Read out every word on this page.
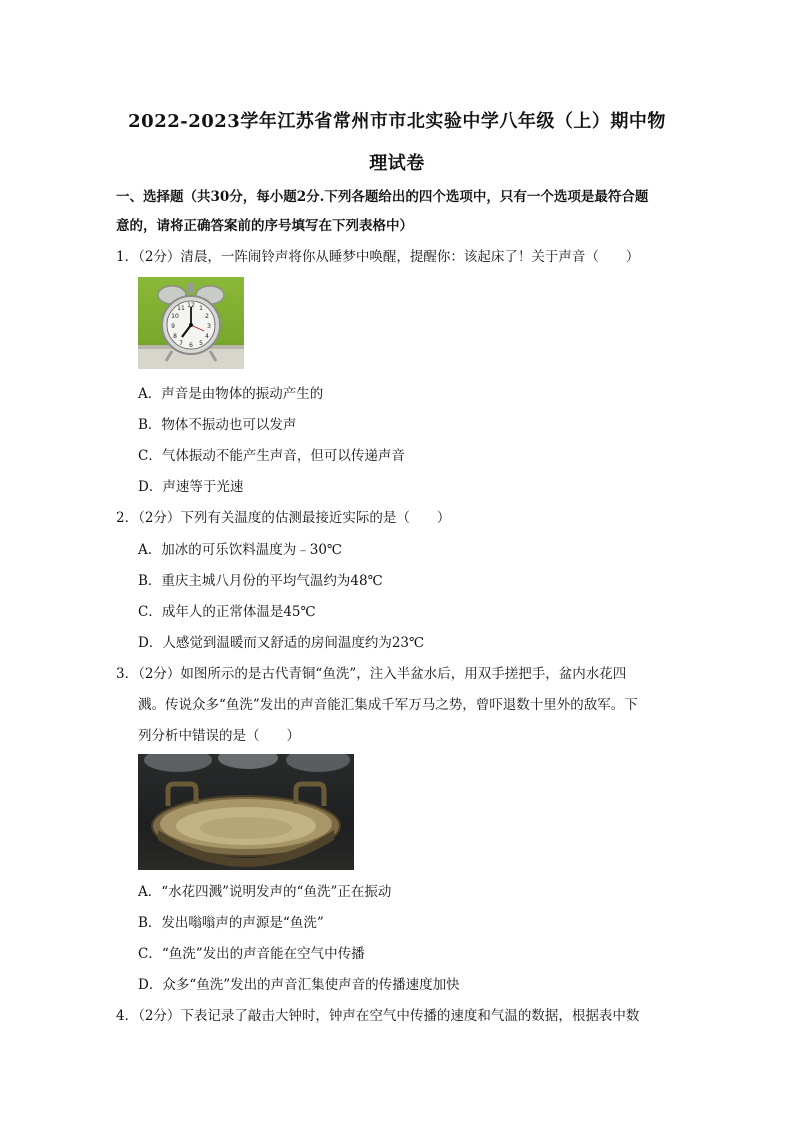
2022-2023学年江苏省常州市市北实验中学八年级（上）期中物
理试卷
一、选择题（共30分，每小题2分.下列各题给出的四个选项中，只有一个选项是最符合题
意的，请将正确答案前的序号填写在下列表格中）
1．（2分）清晨，一阵闹铃声将你从睡梦中唤醒，提醒你：该起床了！关于声音（　　）
12
3
6
9
1
2
4
5
7
8
10
11
A．声音是由物体的振动产生的
B．物体不振动也可以发声
C．气体振动不能产生声音，但可以传递声音
D．声速等于光速
2．（2分）下列有关温度的估测最接近实际的是（　　）
A．加冰的可乐饮料温度为﹣30℃
B．重庆主城八月份的平均气温约为48℃
C．成年人的正常体温是45℃
D．人感觉到温暖而又舒适的房间温度约为23℃
3．（2分）如图所示的是古代青铜“鱼洗”，注入半盆水后，用双手搓把手，盆内水花四
溅。传说众多“鱼洗”发出的声音能汇集成千军万马之势，曾吓退数十里外的敌军。下
列分析中错误的是（　　）
A．“水花四溅”说明发声的“鱼洗”正在振动
B．发出嗡嗡声的声源是“鱼洗”
C．“鱼洗”发出的声音能在空气中传播
D．众多“鱼洗”发出的声音汇集使声音的传播速度加快
4．（2分）下表记录了敲击大钟时，钟声在空气中传播的速度和气温的数据，根据表中数
